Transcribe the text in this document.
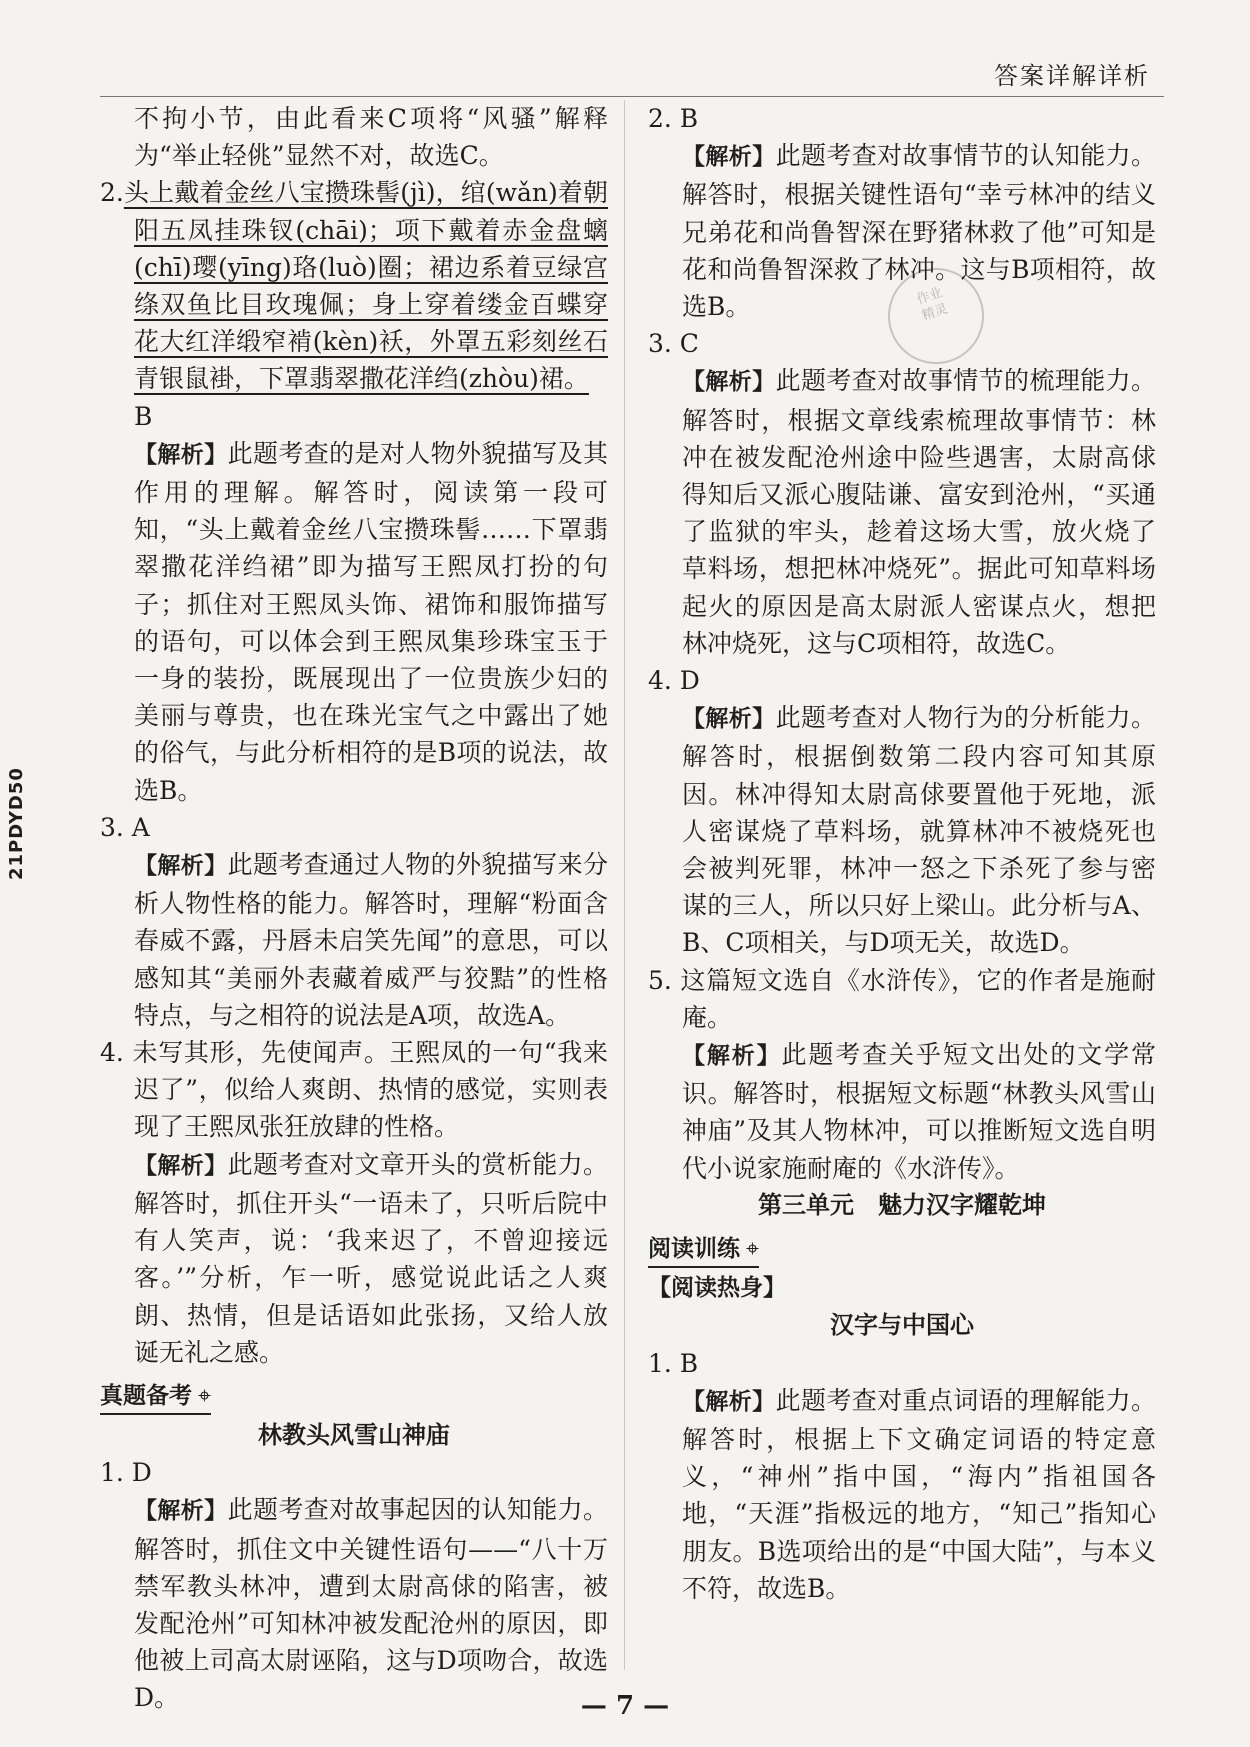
答案详解详析
21PDYD50
作业
精灵

不拘小节，由此看来C项将“风骚”解释为“举止轻佻”显然不对，故选C。

2.头上戴着金丝八宝攒珠髻(jì)，绾(wǎn)着朝阳五凤挂珠钗(chāi)；项下戴着赤金盘螭(chī)璎(yīng)珞(luò)圈；裙边系着豆绿宫绦双鱼比目玫瑰佩；身上穿着缕金百蝶穿花大红洋缎窄褃(kèn)袄，外罩五彩刻丝石青银鼠褂，下罩翡翠撒花洋绉(zhòu)裙。

B

【解析】此题考查的是对人物外貌描写及其作用的理解。解答时，阅读第一段可知，“头上戴着金丝八宝攒珠髻……下罩翡翠撒花洋绉裙”即为描写王熙凤打扮的句子；抓住对王熙凤头饰、裙饰和服饰描写的语句，可以体会到王熙凤集珍珠宝玉于一身的装扮，既展现出了一位贵族少妇的美丽与尊贵，也在珠光宝气之中露出了她的俗气，与此分析相符的是B项的说法，故选B。

3. A

【解析】此题考查通过人物的外貌描写来分析人物性格的能力。解答时，理解“粉面含春威不露，丹唇未启笑先闻”的意思，可以感知其“美丽外表藏着威严与狡黠”的性格特点，与之相符的说法是A项，故选A。

4. 未写其形，先使闻声。王熙凤的一句“我来迟了”，似给人爽朗、热情的感觉，实则表现了王熙凤张狂放肆的性格。

【解析】此题考查对文章开头的赏析能力。解答时，抓住开头“一语未了，只听后院中有人笑声，说：‘我来迟了，不曾迎接远客。’”分析，乍一听，感觉说此话之人爽朗、热情，但是话语如此张扬，又给人放诞无礼之感。

真题备考 ⌖

林教头风雪山神庙

1. D

【解析】此题考查对故事起因的认知能力。解答时，抓住文中关键性语句——“八十万禁军教头林冲，遭到太尉高俅的陷害，被发配沧州”可知林冲被发配沧州的原因，即他被上司高太尉诬陷，这与D项吻合，故选D。

2. B

【解析】此题考查对故事情节的认知能力。解答时，根据关键性语句“幸亏林冲的结义兄弟花和尚鲁智深在野猪林救了他”可知是花和尚鲁智深救了林冲。这与B项相符，故选B。

3. C

【解析】此题考查对故事情节的梳理能力。解答时，根据文章线索梳理故事情节：林冲在被发配沧州途中险些遇害，太尉高俅得知后又派心腹陆谦、富安到沧州，“买通了监狱的牢头，趁着这场大雪，放火烧了草料场，想把林冲烧死”。据此可知草料场起火的原因是高太尉派人密谋点火，想把林冲烧死，这与C项相符，故选C。

4. D

【解析】此题考查对人物行为的分析能力。解答时，根据倒数第二段内容可知其原因。林冲得知太尉高俅要置他于死地，派人密谋烧了草料场，就算林冲不被烧死也会被判死罪，林冲一怒之下杀死了参与密谋的三人，所以只好上梁山。此分析与A、B、C项相关，与D项无关，故选D。

5. 这篇短文选自《水浒传》，它的作者是施耐庵。

【解析】此题考查关乎短文出处的文学常识。解答时，根据短文标题“林教头风雪山神庙”及其人物林冲，可以推断短文选自明代小说家施耐庵的《水浒传》。

第三单元　魅力汉字耀乾坤

阅读训练 ⌖

【阅读热身】

汉字与中国心

1. B

【解析】此题考查对重点词语的理解能力。解答时，根据上下文确定词语的特定意义，“神州”指中国，“海内”指祖国各地，“天涯”指极远的地方，“知己”指知心朋友。B选项给出的是“中国大陆”，与本义不符，故选B。

— 7 —
